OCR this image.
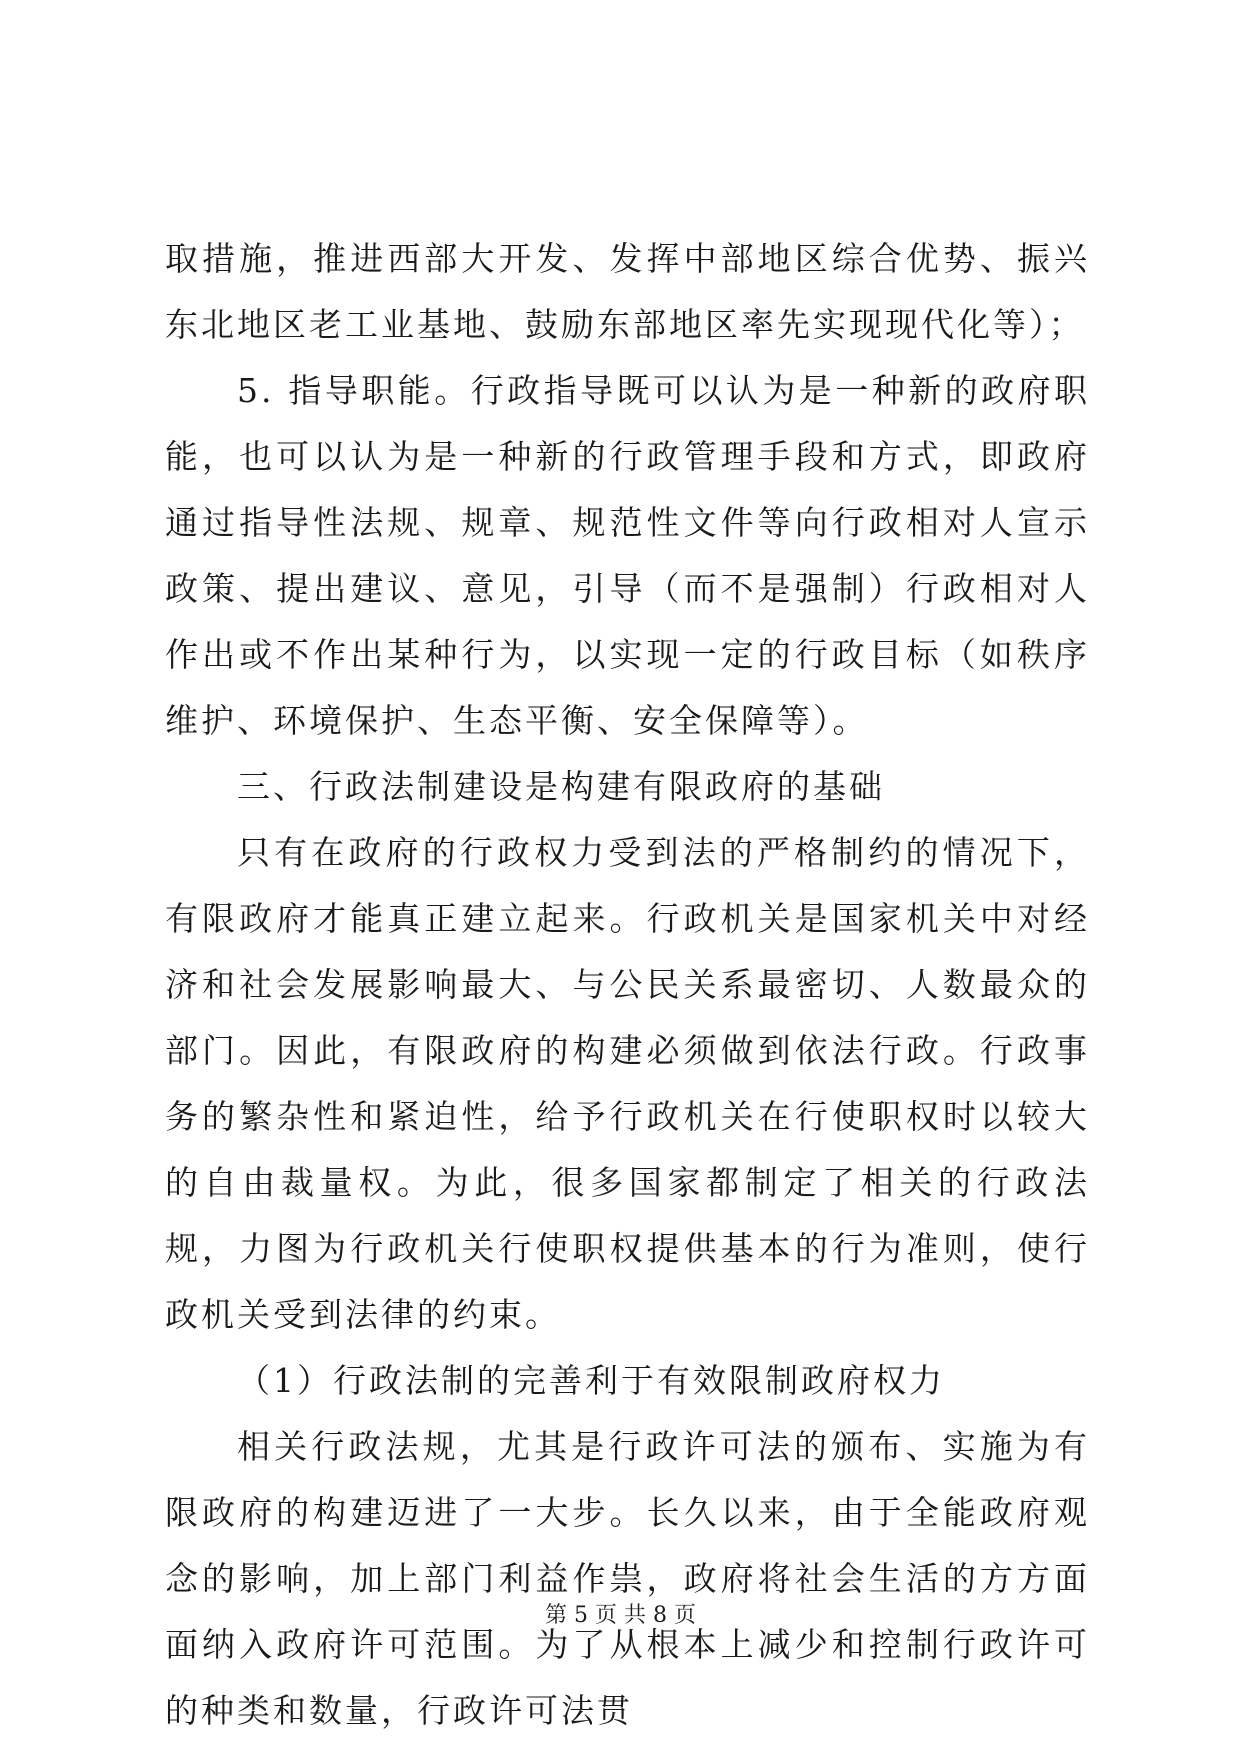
取措施，推进西部大开发、发挥中部地区综合优势、振兴东北地区老工业基地、鼓励东部地区率先实现现代化等）；

5. 指导职能。行政指导既可以认为是一种新的政府职能，也可以认为是一种新的行政管理手段和方式，即政府通过指导性法规、规章、规范性文件等向行政相对人宣示政策、提出建议、意见，引导（而不是强制）行政相对人作出或不作出某种行为，以实现一定的行政目标（如秩序维护、环境保护、生态平衡、安全保障等）。

三、行政法制建设是构建有限政府的基础

只有在政府的行政权力受到法的严格制约的情况下，有限政府才能真正建立起来。行政机关是国家机关中对经济和社会发展影响最大、与公民关系最密切、人数最众的部门。因此，有限政府的构建必须做到依法行政。行政事务的繁杂性和紧迫性，给予行政机关在行使职权时以较大的自由裁量权。为此，很多国家都制定了相关的行政法规，力图为行政机关行使职权提供基本的行为准则，使行政机关受到法律的约束。

（1）行政法制的完善利于有效限制政府权力

相关行政法规，尤其是行政许可法的颁布、实施为有限政府的构建迈进了一大步。长久以来，由于全能政府观念的影响，加上部门利益作祟，政府将社会生活的方方面面纳入政府许可范围。为了从根本上减少和控制行政许可的种类和数量，行政许可法贯

第 5 页 共 8 页
